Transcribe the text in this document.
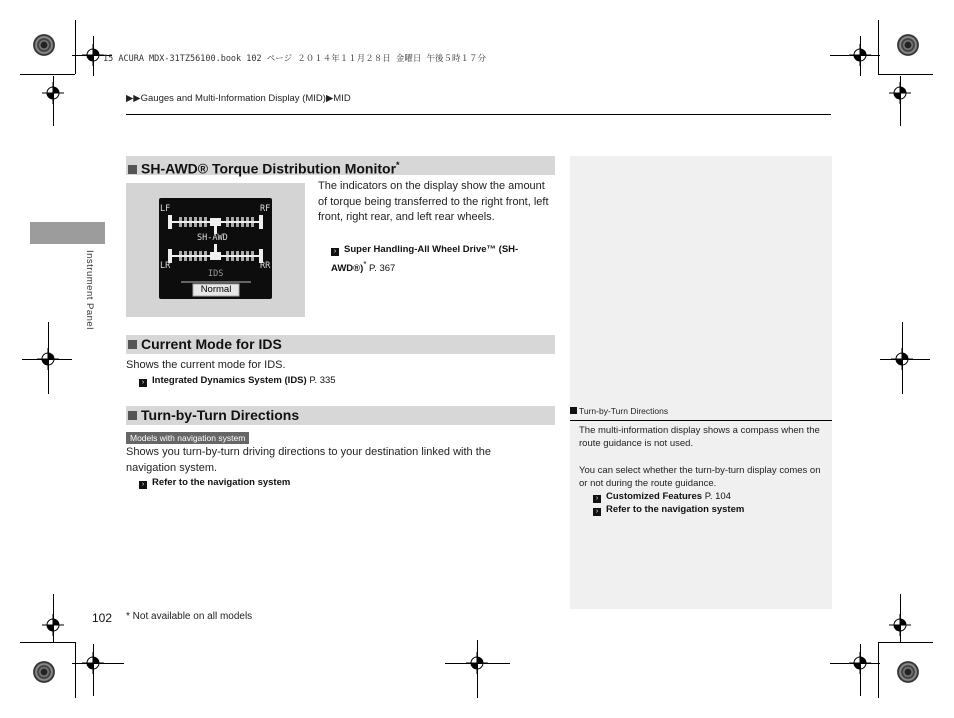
15 ACURA MDX-31TZ56100.book 102 ページ ２０１４年１１月２８日 金曜日 午後５時１７分
▶▶Gauges and Multi-Information Display (MID)▶MID
Instrument Panel
SH-AWD® Torque Distribution Monitor*
LF	RF
SH-AWD
LR	RR
IDS
Normal
The indicators on the display show the amount of torque being transferred to the right front, left front, right rear, and left rear wheels.
› Super Handling-All Wheel Drive™ (SH-AWD®)* P. 367
Current Mode for IDS
Shows the current mode for IDS.
› Integrated Dynamics System (IDS) P. 335
Turn-by-Turn Directions
Models with navigation system
Shows you turn-by-turn driving directions to your destination linked with the navigation system.
› Refer to the navigation system
Turn-by-Turn Directions
The multi-information display shows a compass when the route guidance is not used.
You can select whether the turn-by-turn display comes on or not during the route guidance.
› Customized Features P. 104
› Refer to the navigation system
102 * Not available on all models
